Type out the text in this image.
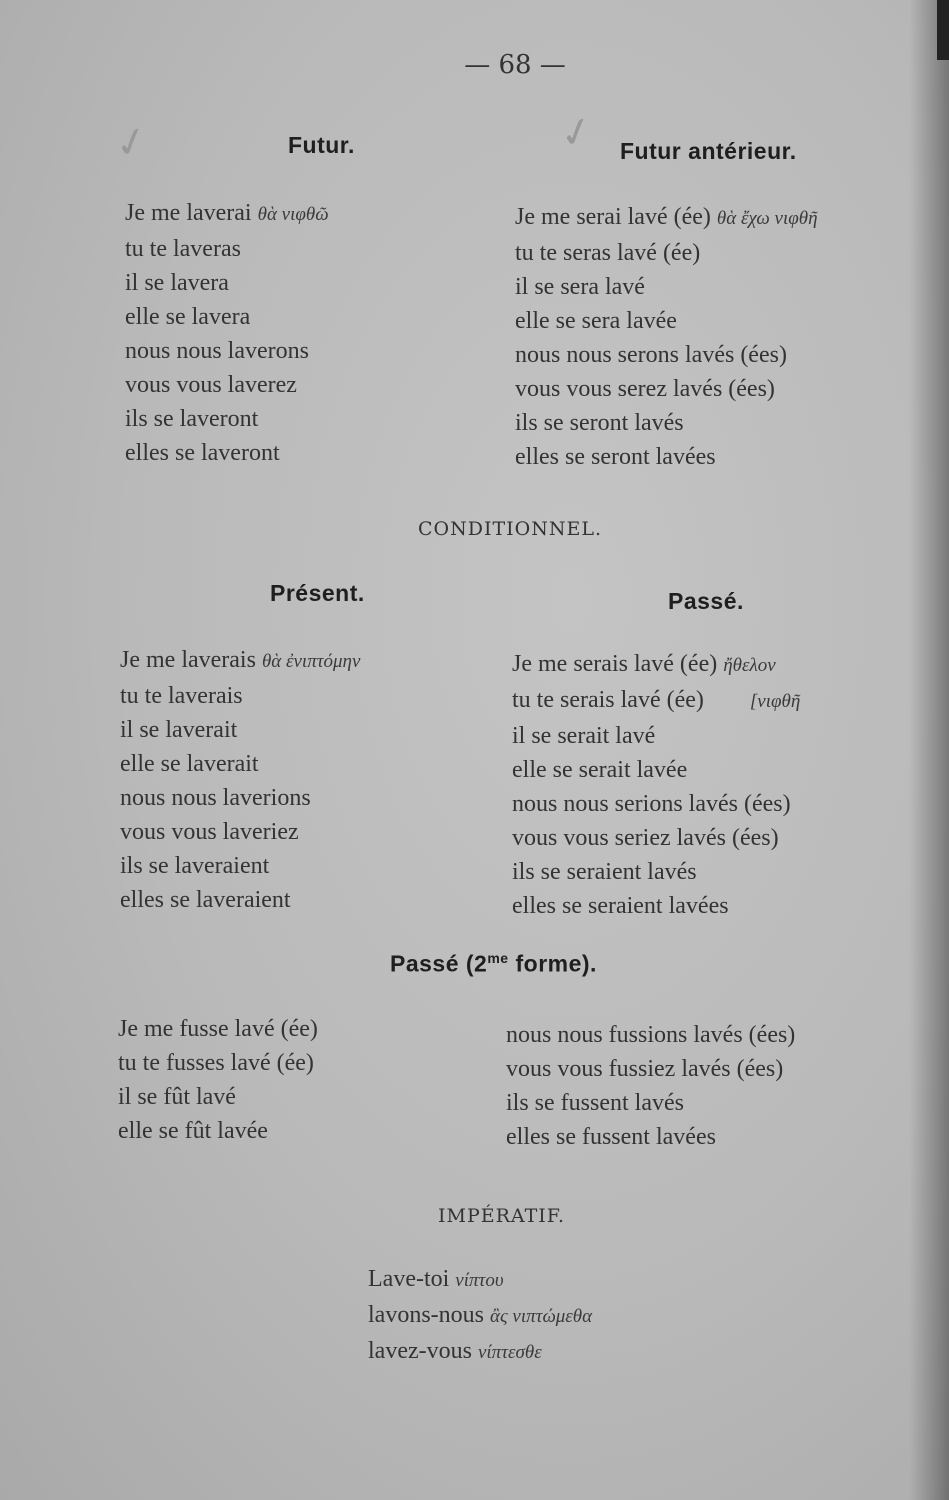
✓	✓
— 68 —
Futur.
Je me laverai θὰ νιφθῶ
tu te laveras
il se lavera
elle se lavera
nous nous laverons
vous vous laverez
ils se laveront
elles se laveront
Futur antérieur.
Je me serai lavé (ée) θὰ ἔχω νιφθῆ
tu te seras lavé (ée)
il se sera lavé
elle se sera lavée
nous nous serons lavés (ées)
vous vous serez lavés (ées)
ils se seront lavés
elles se seront lavées
CONDITIONNEL.
Présent.
Je me laverais θὰ ἐνιπτόμην
tu te laverais
il se laverait
elle se laverait
nous nous laverions
vous vous laveriez
ils se laveraient
elles se laveraient
Passé.
Je me serais lavé (ée) ἤθελον
tu te serais lavé (ée) [νιφθῆ
il se serait lavé
elle se serait lavée
nous nous serions lavés (ées)
vous vous seriez lavés (ées)
ils se seraient lavés
elles se seraient lavées
Passé ($2^{me}$ forme).
Je me fusse lavé (ée)
tu te fusses lavé (ée)
il se fût lavé
elle se fût lavée
nous nous fussions lavés (ées)
vous vous fussiez lavés (ées)
ils se fussent lavés
elles se fussent lavées
IMPÉRATIF.
Lave-toi νίπτου
lavons-nous ἂς νιπτώμεθα
lavez-vous νίπτεσθε
